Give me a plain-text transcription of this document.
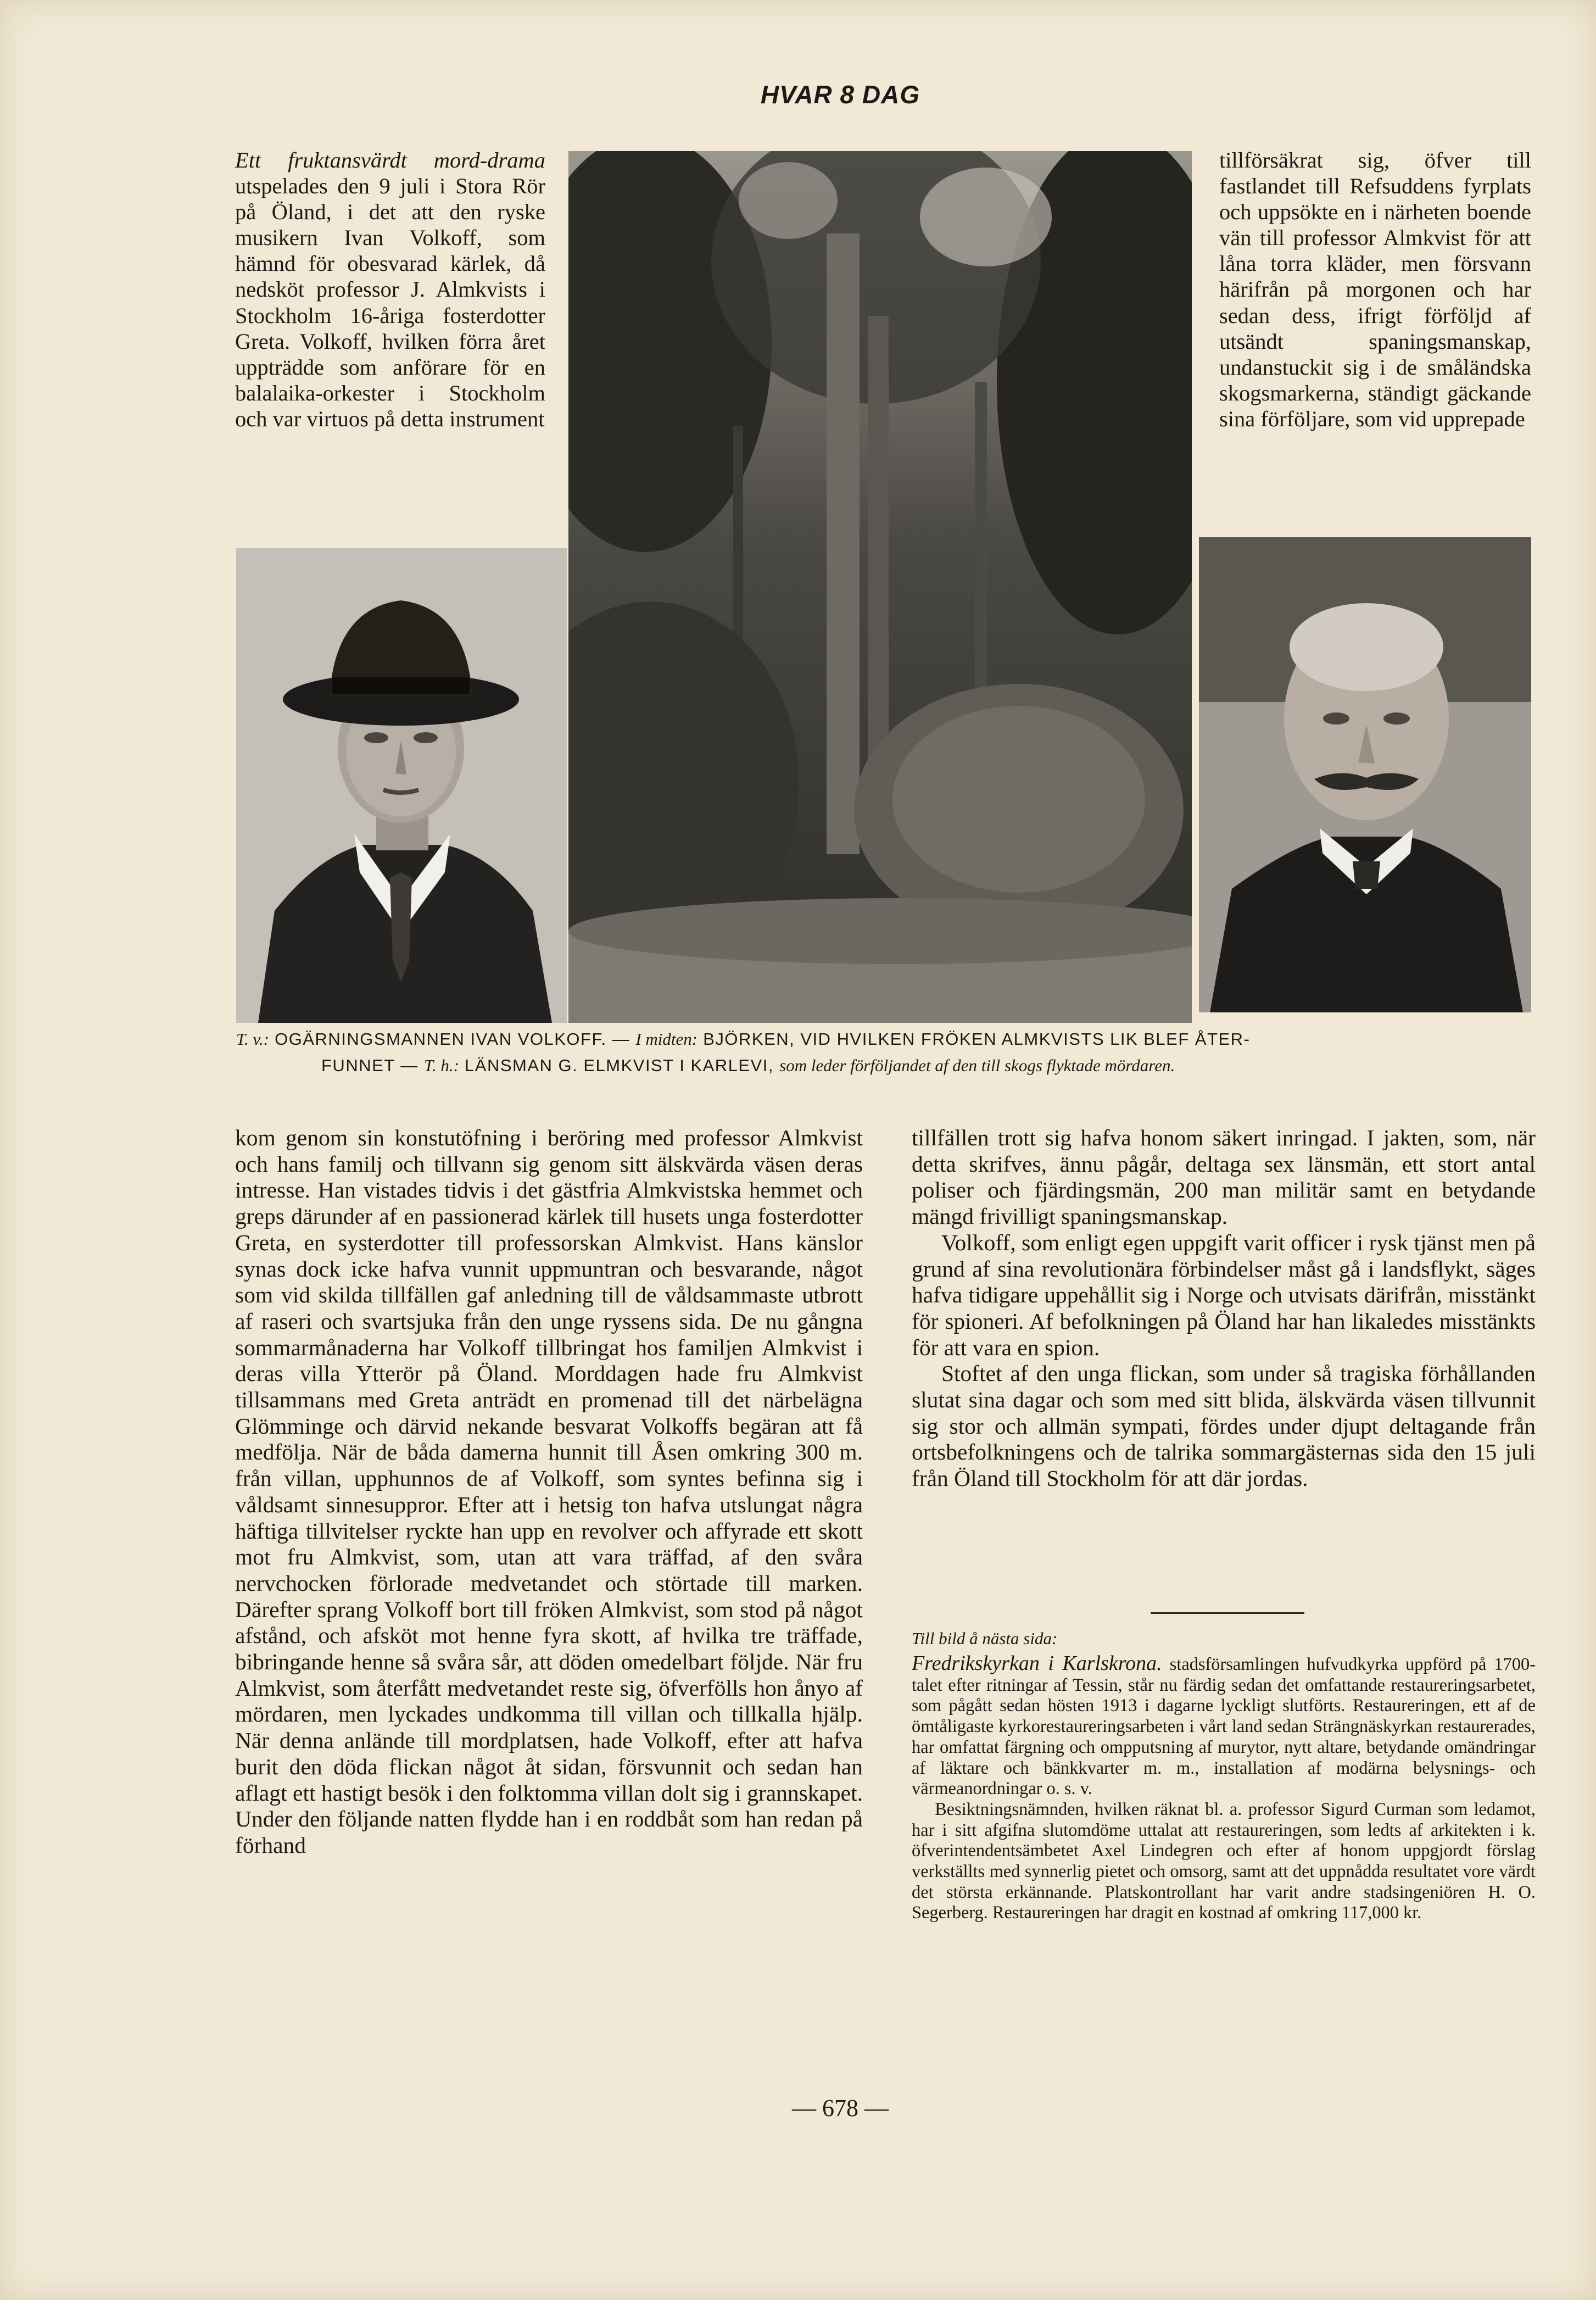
HVAR 8 DAG

Ett fruktansvärdt mord-drama utspelades den 9 juli i Stora Rör på Öland, i det att den ryske musikern Ivan Volkoff, som hämnd för obesvarad kärlek, då nedsköt professor J. Almkvists i Stockholm 16-åriga fosterdotter Greta. Volkoff, hvilken förra året uppträdde som anförare för en balalaika-orkester i Stockholm och var virtuos på detta instrument

tillförsäkrat sig, öfver till fastlandet till Refsuddens fyrplats och uppsökte en i närheten boende vän till professor Almkvist för att låna torra kläder, men försvann härifrån på morgonen och har sedan dess, ifrigt förföljd af utsändt spaningsmanskap, undanstuckit sig i de småländska skogsmarkerna, ständigt gäckande sina förföljare, som vid upprepade

T. v.: OGÄRNINGSMANNEN IVAN VOLKOFF. — I midten: BJÖRKEN, VID HVILKEN FRÖKEN ALMKVISTS LIK BLEF ÅTER-
FUNNET — T. h.: LÄNSMAN G. ELMKVIST I KARLEVI, som leder förföljandet af den till skogs flyktade mördaren.

kom genom sin konstutöfning i beröring med professor Almkvist och hans familj och tillvann sig genom sitt älskvärda väsen deras intresse. Han vistades tidvis i det gästfria Almkvistska hemmet och greps därunder af en passionerad kärlek till husets unga fosterdotter Greta, en systerdotter till professorskan Almkvist. Hans känslor synas dock icke hafva vunnit uppmuntran och besvarande, något som vid skilda tillfällen gaf anledning till de våldsammaste utbrott af raseri och svartsjuka från den unge ryssens sida. De nu gångna sommarmånaderna har Volkoff tillbringat hos familjen Almkvist i deras villa Ytterör på Öland. Morddagen hade fru Almkvist tillsammans med Greta anträdt en promenad till det närbelägna Glömminge och därvid nekande besvarat Volkoffs begäran att få medfölja. När de båda damerna hunnit till Åsen omkring 300 m. från villan, upphunnos de af Volkoff, som syntes befinna sig i våldsamt sinnesuppror. Efter att i hetsig ton hafva utslungat några häftiga tillvitelser ryckte han upp en revolver och affyrade ett skott mot fru Almkvist, som, utan att vara träffad, af den svåra nervchocken förlorade medvetandet och störtade till marken. Därefter sprang Volkoff bort till fröken Almkvist, som stod på något afstånd, och afsköt mot henne fyra skott, af hvilka tre träffade, bibringande henne så svåra sår, att döden omedelbart följde. När fru Almkvist, som återfått medvetandet reste sig, öfverfölls hon ånyo af mördaren, men lyckades undkomma till villan och tillkalla hjälp. När denna anlände till mordplatsen, hade Volkoff, efter att hafva burit den döda flickan något åt sidan, försvunnit och sedan han aflagt ett hastigt besök i den folktomma villan dolt sig i grannskapet. Under den följande natten flydde han i en roddbåt som han redan på förhand

tillfällen trott sig hafva honom säkert inringad. I jakten, som, när detta skrifves, ännu pågår, deltaga sex länsmän, ett stort antal poliser och fjärdingsmän, 200 man militär samt en betydande mängd frivilligt spaningsmanskap.

Volkoff, som enligt egen uppgift varit officer i rysk tjänst men på grund af sina revolutionära förbindelser måst gå i landsflykt, säges hafva tidigare uppehållit sig i Norge och utvisats därifrån, misstänkt för spioneri. Af befolkningen på Öland har han likaledes misstänkts för att vara en spion.

Stoftet af den unga flickan, som under så tragiska förhållanden slutat sina dagar och som med sitt blida, älskvärda väsen tillvunnit sig stor och allmän sympati, fördes under djupt deltagande från ortsbefolkningens och de talrika sommargästernas sida den 15 juli från Öland till Stockholm för att där jordas.

Till bild å nästa sida:

Fredrikskyrkan i Karlskrona. stadsförsamlingen hufvudkyrka uppförd på 1700-talet efter ritningar af Tessin, står nu färdig sedan det omfattande restaureringsarbetet, som pågått sedan hösten 1913 i dagarne lyckligt slutförts. Restaureringen, ett af de ömtåligaste kyrkorestaureringsarbeten i vårt land sedan Strängnäskyrkan restaurerades, har omfattat färgning och ompputsning af murytor, nytt altare, betydande omändringar af läktare och bänkkvarter m. m., installation af modärna belysnings- och värmeanordningar o. s. v.

Besiktningsnämnden, hvilken räknat bl. a. professor Sigurd Curman som ledamot, har i sitt afgifna slutomdöme uttalat att restaureringen, som ledts af arkitekten i k. öfverintendentsämbetet Axel Lindegren och efter af honom uppgjordt förslag verkställts med synnerlig pietet och omsorg, samt att det uppnådda resultatet vore värdt det största erkännande. Platskontrollant har varit andre stadsingeniören H. O. Segerberg. Restaureringen har dragit en kostnad af omkring 117,000 kr.

— 678 —
